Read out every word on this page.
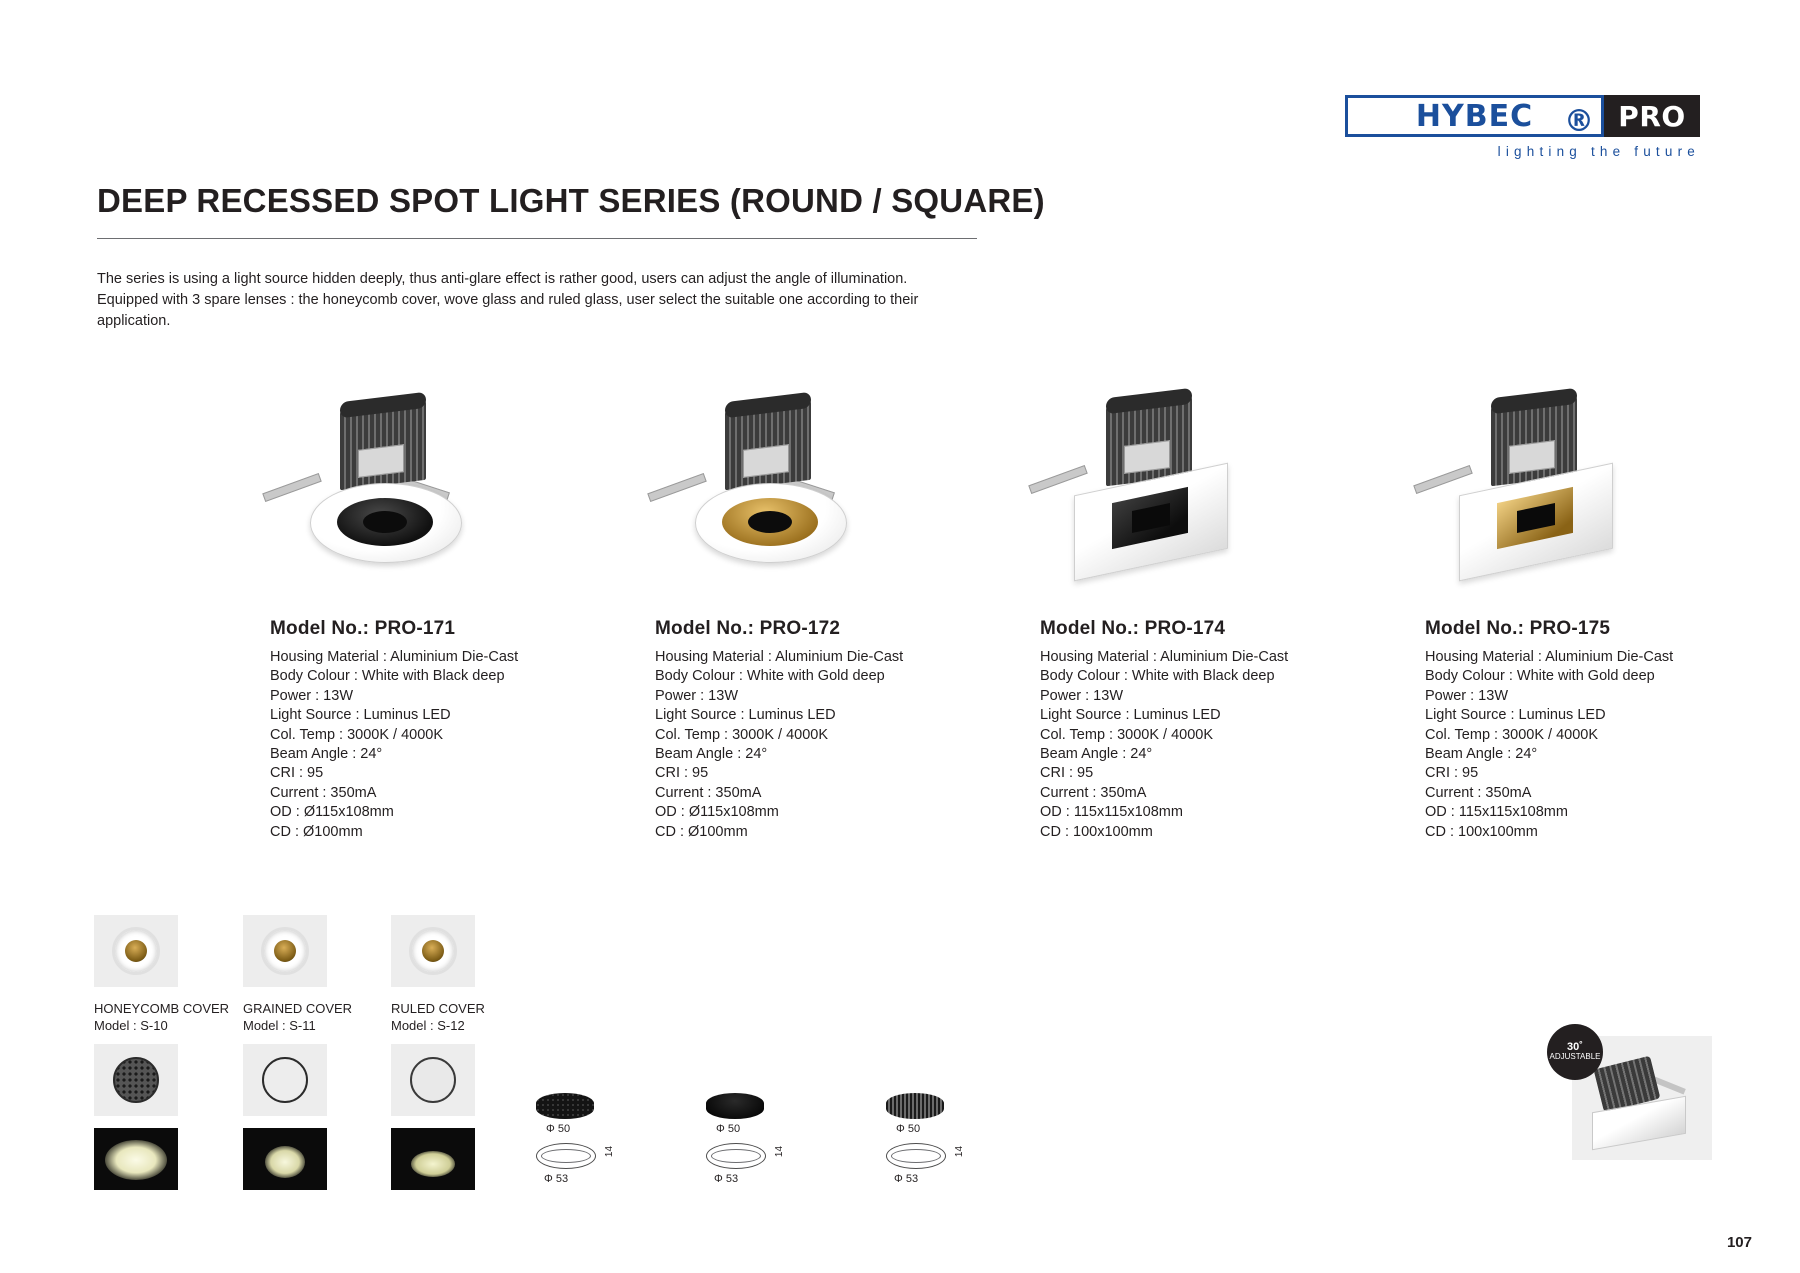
HYBEC ® PRO
lighting the future
DEEP RECESSED SPOT LIGHT SERIES (ROUND / SQUARE)
The series is using a light source hidden deeply, thus anti-glare effect is rather good, users can adjust the angle of illumination. Equipped with 3 spare lenses : the honeycomb cover, wove glass and ruled glass, user select the suitable one according to their application.
Model No.: PRO-171
Housing Material : Aluminium Die-Cast
Body Colour : White with Black deep
Power : 13W
Light Source : Luminus LED
Col. Temp : 3000K / 4000K
Beam Angle : 24°
CRI : 95
Current : 350mA
OD : Ø115x108mm
CD : Ø100mm
Model No.: PRO-172
Housing Material : Aluminium Die-Cast
Body Colour : White with Gold deep
Power : 13W
Light Source : Luminus LED
Col. Temp : 3000K / 4000K
Beam Angle : 24°
CRI : 95
Current : 350mA
OD : Ø115x108mm
CD : Ø100mm
Model No.: PRO-174
Housing Material : Aluminium Die-Cast
Body Colour : White with Black deep
Power : 13W
Light Source : Luminus LED
Col. Temp : 3000K / 4000K
Beam Angle : 24°
CRI : 95
Current : 350mA
OD : 115x115x108mm
CD : 100x100mm
Model No.: PRO-175
Housing Material : Aluminium Die-Cast
Body Colour : White with Gold deep
Power : 13W
Light Source : Luminus LED
Col. Temp : 3000K / 4000K
Beam Angle : 24°
CRI : 95
Current : 350mA
OD : 115x115x108mm
CD : 100x100mm
HONEYCOMB COVER
Model : S-10
GRAINED COVER
Model : S-11
RULED COVER
Model : S-12
Φ 50
14
Φ 53
Φ 50
14
Φ 53
Φ 50
14
Φ 53
30˚
ADJUSTABLE
107
